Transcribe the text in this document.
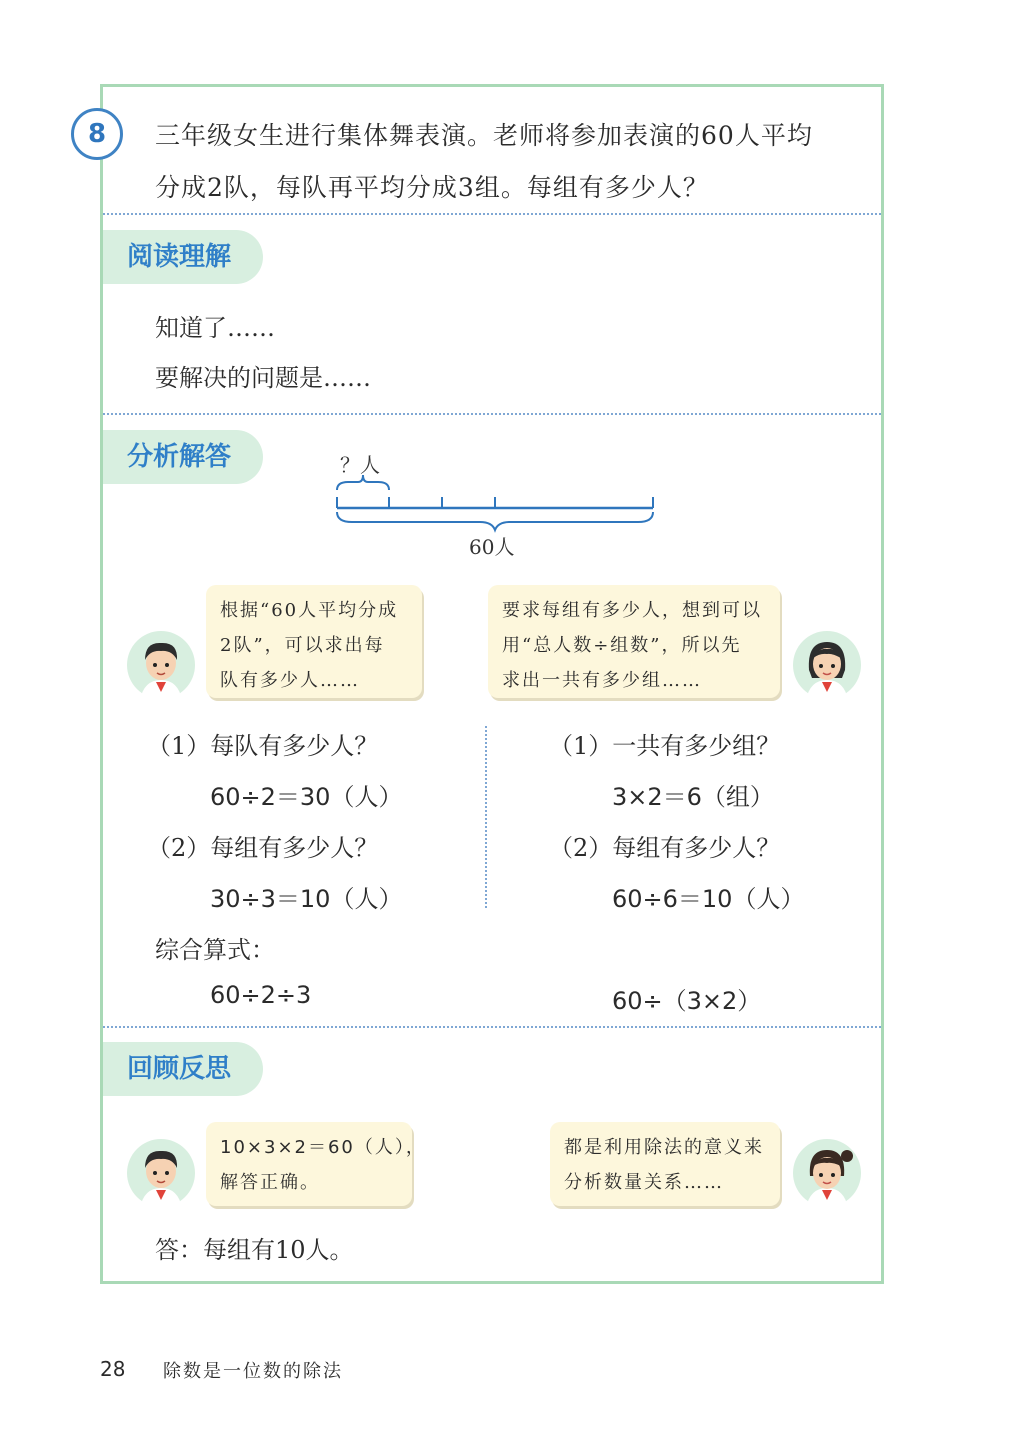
8	三年级女生进行集体舞表演。老师将参加表演的60人平均
分成2队，每队再平均分成3组。每组有多少人？
阅读理解
知道了……
要解决的问题是……
分析解答	？人
60人
根据“60人平均分成
2队”，可以求出每
队有多少人……
要求每组有多少人，想到可以
用“总人数÷组数”，所以先
求出一共有多少组……
（1）每队有多少人？
60÷2＝30（人）
（2）每组有多少人？
30÷3＝10（人）
（1）一共有多少组？
3×2＝6（组）
（2）每组有多少人？
60÷6＝10（人）
综合算式：
60÷2÷3	60÷（3×2）
回顾反思
10×3×2＝60（人），
解答正确。
都是利用除法的意义来
分析数量关系……
答：每组有10人。
28 除数是一位数的除法
